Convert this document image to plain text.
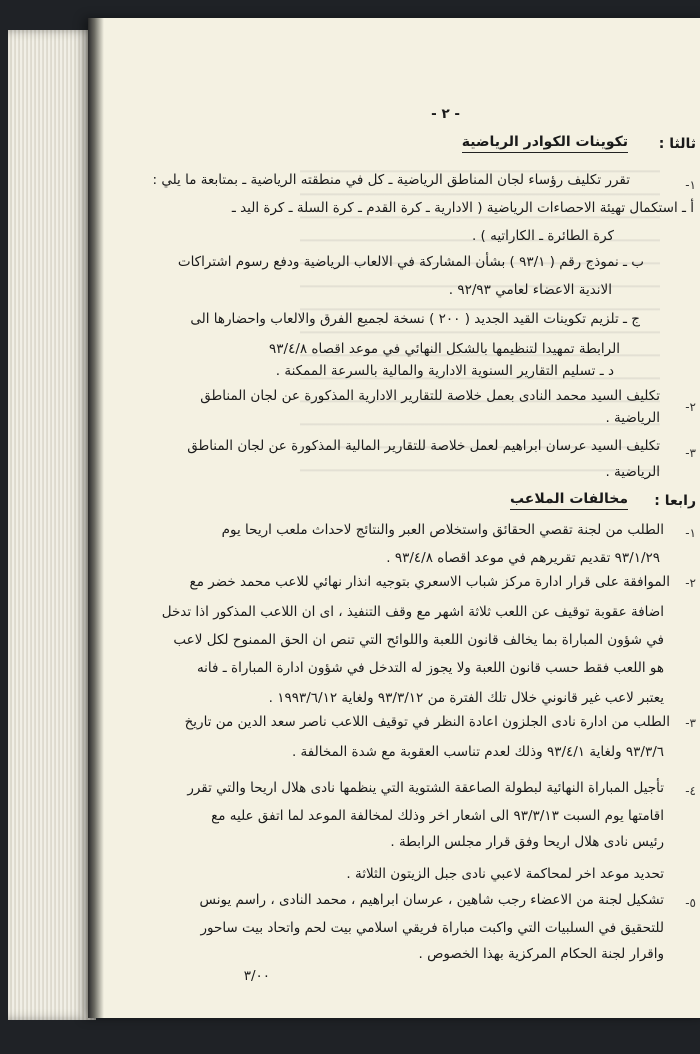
- ٢ -
ثالثا :
تكوينات الكوادر الرياضية
١-
تقرر تكليف رؤساء لجان المناطق الرياضية ـ كل في منطقته الرياضية ـ بمتابعة ما يلي :
أ ـ استكمال تهيئة الاحصاءات الرياضية ( الادارية ـ كرة القدم ـ كرة السلة ـ كرة اليد ـ
كرة الطائرة ـ الكاراتيه ) .
ب ـ نموذج رقم ( ٩٣/١ ) بشأن المشاركة في الالعاب الرياضية ودفع رسوم اشتراكات
الاندية الاعضاء لعامي ٩٢/٩٣ .
ج ـ تلزيم تكوينات القيد الجديد ( ٢٠٠ ) نسخة لجميع الفرق والالعاب واحضارها الى
الرابطة تمهيدا لتنظيمها بالشكل النهائي في موعد اقصاه ٩٣/٤/٨
د ـ تسليم التقارير السنوية الادارية والمالية بالسرعة الممكنة .
٢-
تكليف السيد محمد النادى بعمل خلاصة للتقارير الادارية المذكورة عن لجان المناطق
الرياضية .
٣-
تكليف السيد عرسان ابراهيم لعمل خلاصة للتقارير المالية المذكورة عن لجان المناطق
الرياضية .
رابعا :
مخالفات الملاعب
١-
الطلب من لجنة تقصي الحقائق واستخلاص العبر والنتائج لاحداث ملعب اريحا يوم
٩٣/١/٢٩ تقديم تقريرهم في موعد اقصاه ٩٣/٤/٨ .
٢-
الموافقة على قرار ادارة مركز شباب الاسعري بتوجيه انذار نهائي للاعب محمد خضر مع
اضافة عقوبة توقيف عن اللعب ثلاثة اشهر مع وقف التنفيذ ، اى ان اللاعب المذكور اذا تدخل
في شؤون المباراة بما يخالف قانون اللعبة واللوائح التي تنص ان الحق الممنوح لكل لاعب
هو اللعب فقط حسب قانون اللعبة ولا يجوز له التدخل في شؤون ادارة المباراة ـ فانه
يعتبر لاعب غير قانوني خلال تلك الفترة من ٩٣/٣/١٢ ولغاية ١٩٩٣/٦/١٢ .
٣-
الطلب من ادارة نادى الجلزون اعادة النظر في توقيف اللاعب ناصر سعد الدين من تاريخ
٩٣/٣/٦ ولغاية ٩٣/٤/١ وذلك لعدم تناسب العقوبة مع شدة المخالفة .
٤-
تأجيل المباراة النهائية لبطولة الصاعقة الشتوية التي ينظمها نادى هلال اريحا والتي تقرر
اقامتها يوم السبت ٩٣/٣/١٣ الى اشعار اخر وذلك لمخالفة الموعد لما اتفق عليه مع
رئيس نادى هلال اريحا وفق قرار مجلس الرابطة .
تحديد موعد اخر لمحاكمة لاعبي نادى جبل الزيتون الثلاثة .
٥-
تشكيل لجنة من الاعضاء رجب شاهين ، عرسان ابراهيم ، محمد النادى ، راسم يونس
للتحقيق في السلبيات التي واكبت مباراة فريقي اسلامي بيت لحم واتحاد بيت ساحور
واقرار لجنة الحكام المركزية بهذا الخصوص .
٣/٠٠
